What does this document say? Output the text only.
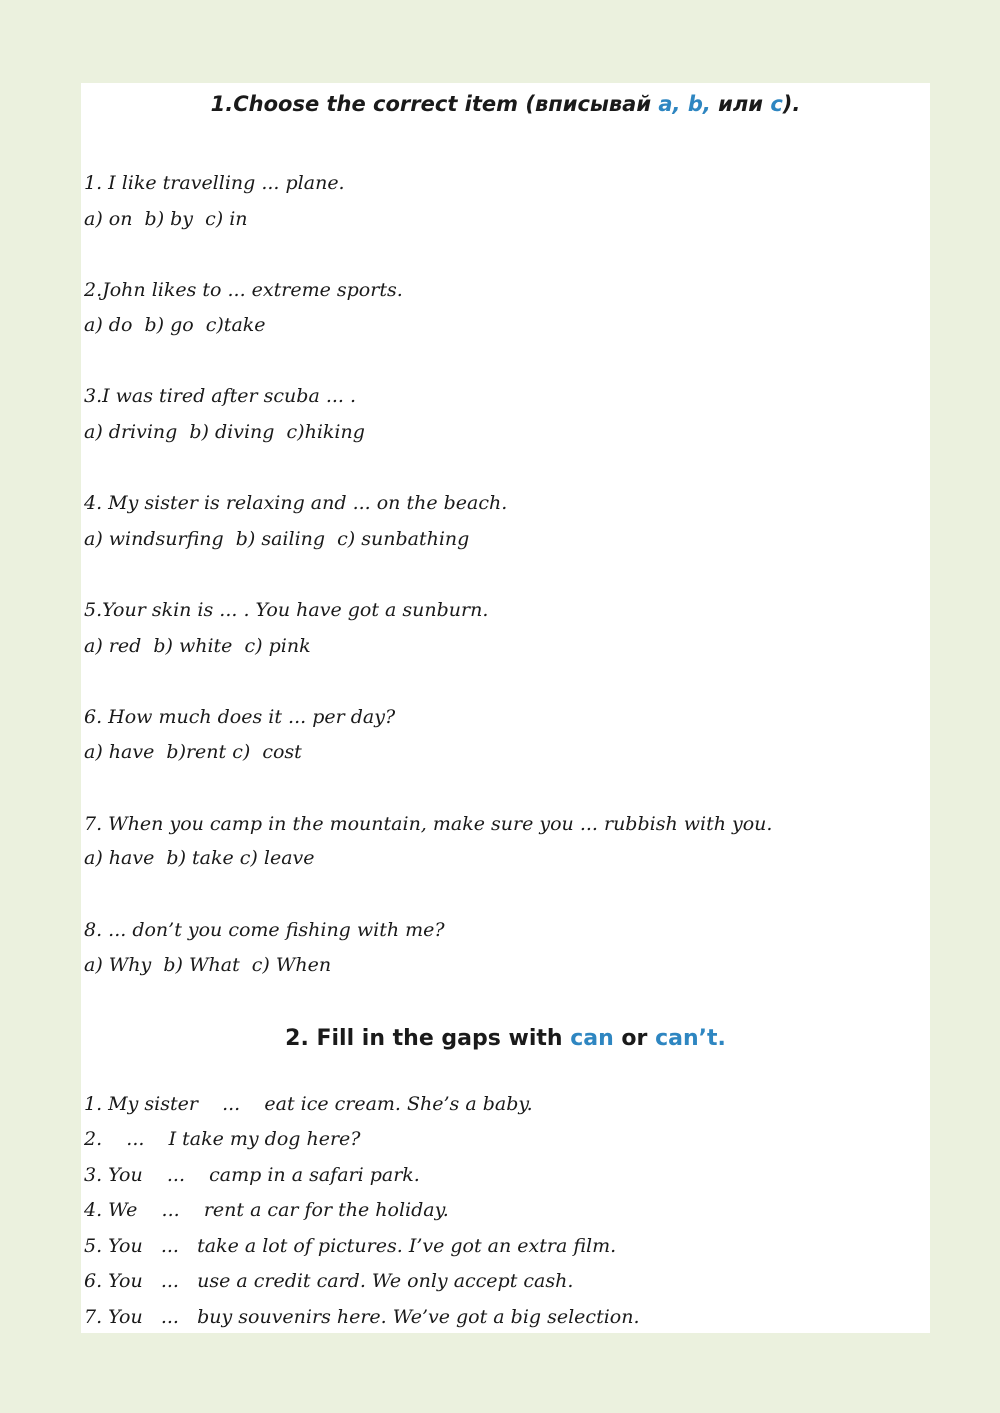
1.Choose the correct item (вписывай a, b, или c).
1. I like travelling ... plane.
a) on  b) by  c) in
2.John likes to ... extreme sports.
a) do  b) go  c)take
3.I was tired after scuba ... .
a) driving  b) diving  c)hiking
4. My sister is relaxing and ... on the beach.
a) windsurfing  b) sailing  c) sunbathing
5.Your skin is ... . You have got a sunburn.
a) red  b) white  c) pink
6. How much does it ... per day?
a) have  b)rent c)  cost
7. When you camp in the mountain, make sure you ... rubbish with you.
a) have  b) take c) leave
8. ... don’t you come fishing with me?
a) Why  b) What  c) When
2. Fill in the gaps with can or can’t.
1. My sister    ...    eat ice cream. She’s a baby.
2.    ...    I take my dog here?
3. You    ...    camp in a safari park.
4. We    ...    rent a car for the holiday.
5. You   ...   take a lot of pictures. I’ve got an extra film.
6. You   ...   use a credit card. We only accept cash.
7. You   ...   buy souvenirs here. We’ve got a big selection.
